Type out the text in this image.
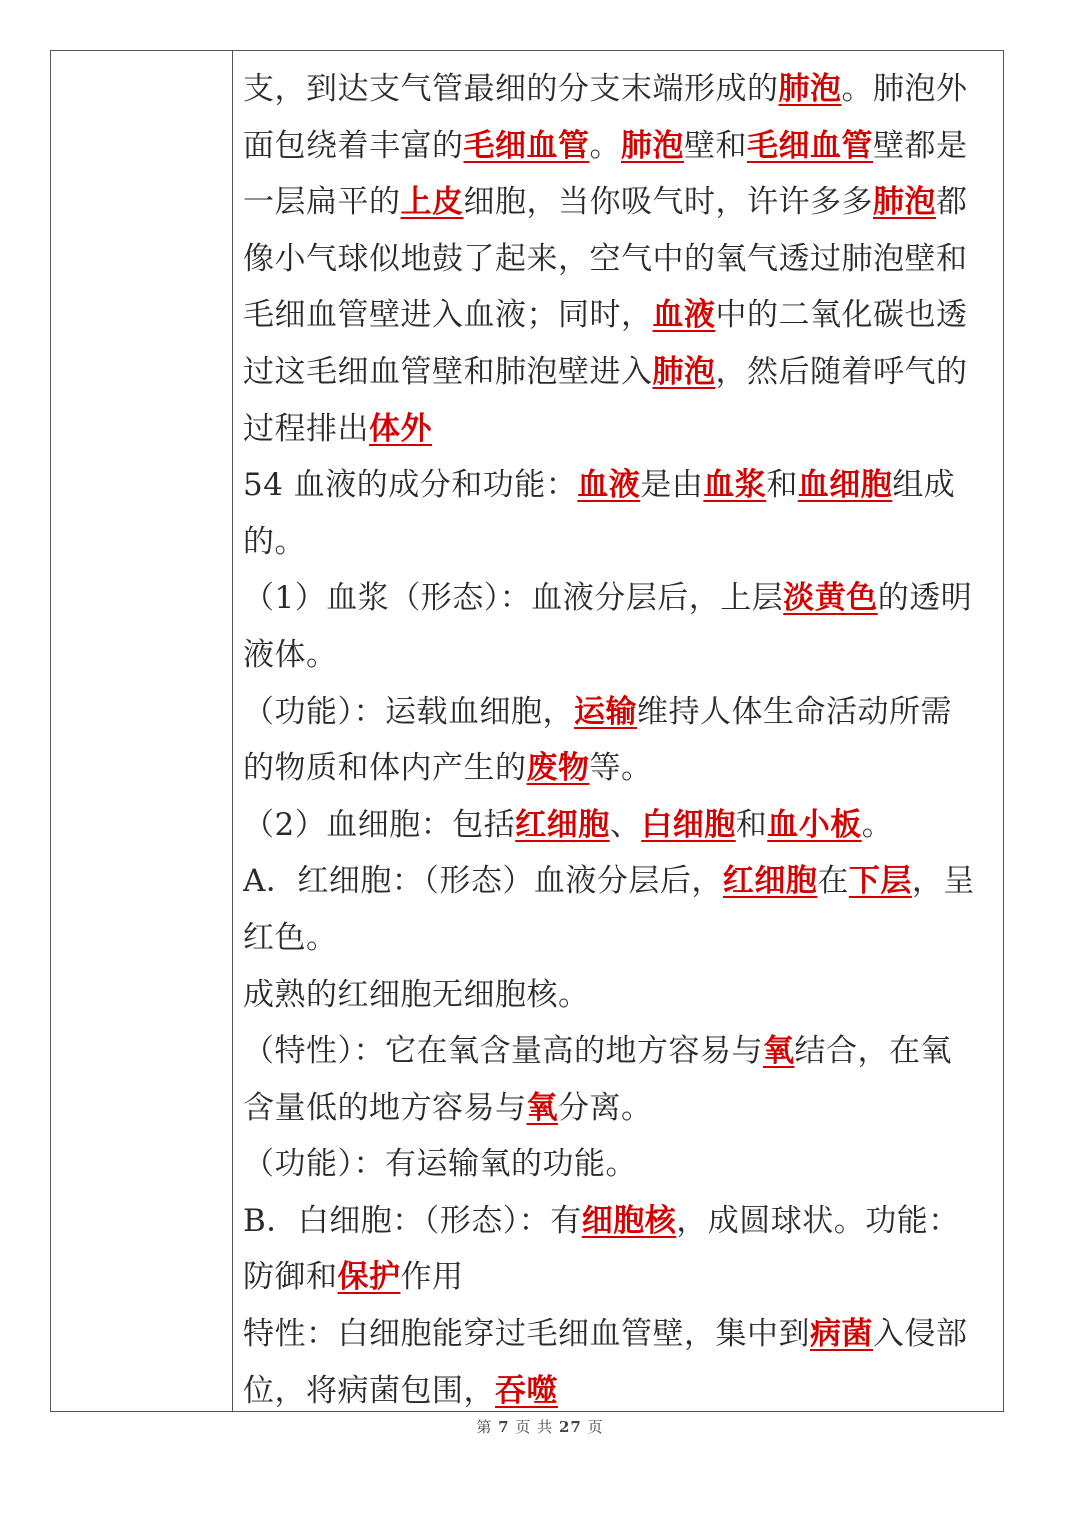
支，到达支气管最细的分支末端形成的肺泡。肺泡外
面包绕着丰富的毛细血管。肺泡壁和毛细血管壁都是
一层扁平的上皮细胞，当你吸气时，许许多多肺泡都
像小气球似地鼓了起来，空气中的氧气透过肺泡壁和
毛细血管壁进入血液；同时，血液中的二氧化碳也透
过这毛细血管壁和肺泡壁进入肺泡，然后随着呼气的
过程排出体外
54 血液的成分和功能：血液是由血浆和血细胞组成
的。
（1）血浆（形态）：血液分层后，上层淡黄色的透明
液体。
（功能）：运载血细胞，运输维持人体生命活动所需
的物质和体内产生的废物等。
（2）血细胞：包括红细胞、白细胞和血小板。
A．红细胞：（形态）血液分层后，红细胞在下层，呈
红色。
成熟的红细胞无细胞核。
（特性）：它在氧含量高的地方容易与氧结合，在氧
含量低的地方容易与氧分离。
（功能）：有运输氧的功能。
B．白细胞：（形态）：有细胞核，成圆球状。功能：
防御和保护作用
特性：白细胞能穿过毛细血管壁，集中到病菌入侵部
位，将病菌包围，吞噬
第 7 页 共 27 页
